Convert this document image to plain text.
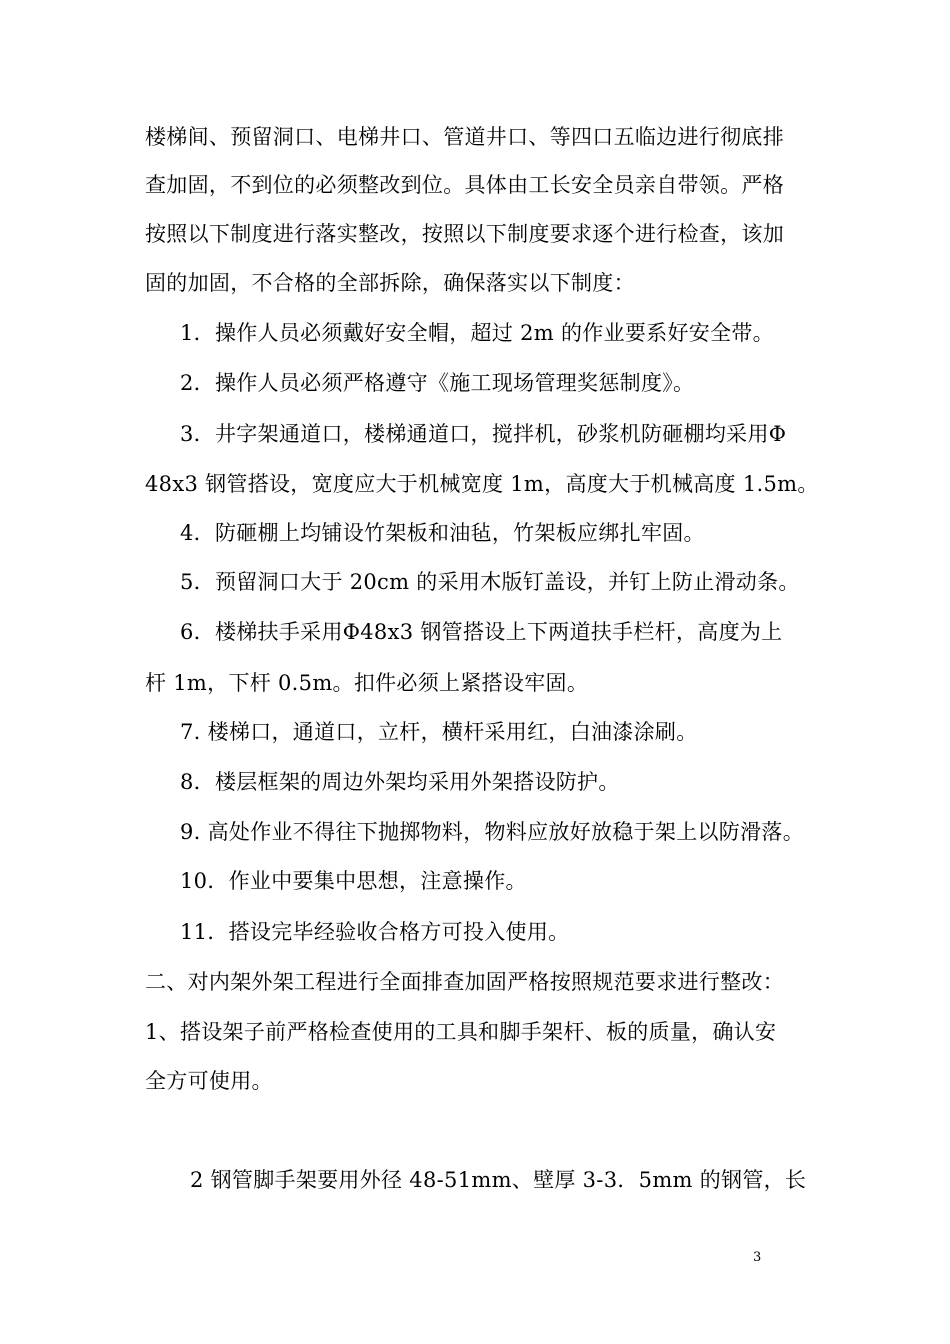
楼梯间、预留洞口、电梯井口、管道井口、等四口五临边进行彻底排
查加固，不到位的必须整改到位。具体由工长安全员亲自带领。严格
按照以下制度进行落实整改，按照以下制度要求逐个进行检查，该加
固的加固，不合格的全部拆除，确保落实以下制度：
1．操作人员必须戴好安全帽，超过 2m 的作业要系好安全带。
2．操作人员必须严格遵守《施工现场管理奖惩制度》。
3．井字架通道口，楼梯通道口，搅拌机，砂浆机防砸棚均采用Φ
48x3 钢管搭设，宽度应大于机械宽度 1m，高度大于机械高度 1.5m。
4．防砸棚上均铺设竹架板和油毡，竹架板应绑扎牢固。
5．预留洞口大于 20cm 的采用木版钉盖设，并钉上防止滑动条。
6．楼梯扶手采用Φ48x3 钢管搭设上下两道扶手栏杆，高度为上
杆 1m，下杆 0.5m。扣件必须上紧搭设牢固。
7. 楼梯口，通道口，立杆，横杆采用红，白油漆涂刷。
8．楼层框架的周边外架均采用外架搭设防护。
9. 高处作业不得往下抛掷物料，物料应放好放稳于架上以防滑落。
10．作业中要集中思想，注意操作。
11．搭设完毕经验收合格方可投入使用。
二、对内架外架工程进行全面排查加固严格按照规范要求进行整改：
1、搭设架子前严格检查使用的工具和脚手架杆、板的质量，确认安
全方可使用。
2 钢管脚手架要用外径 48-51mm、壁厚 3-3．5mm 的钢管，长
3
